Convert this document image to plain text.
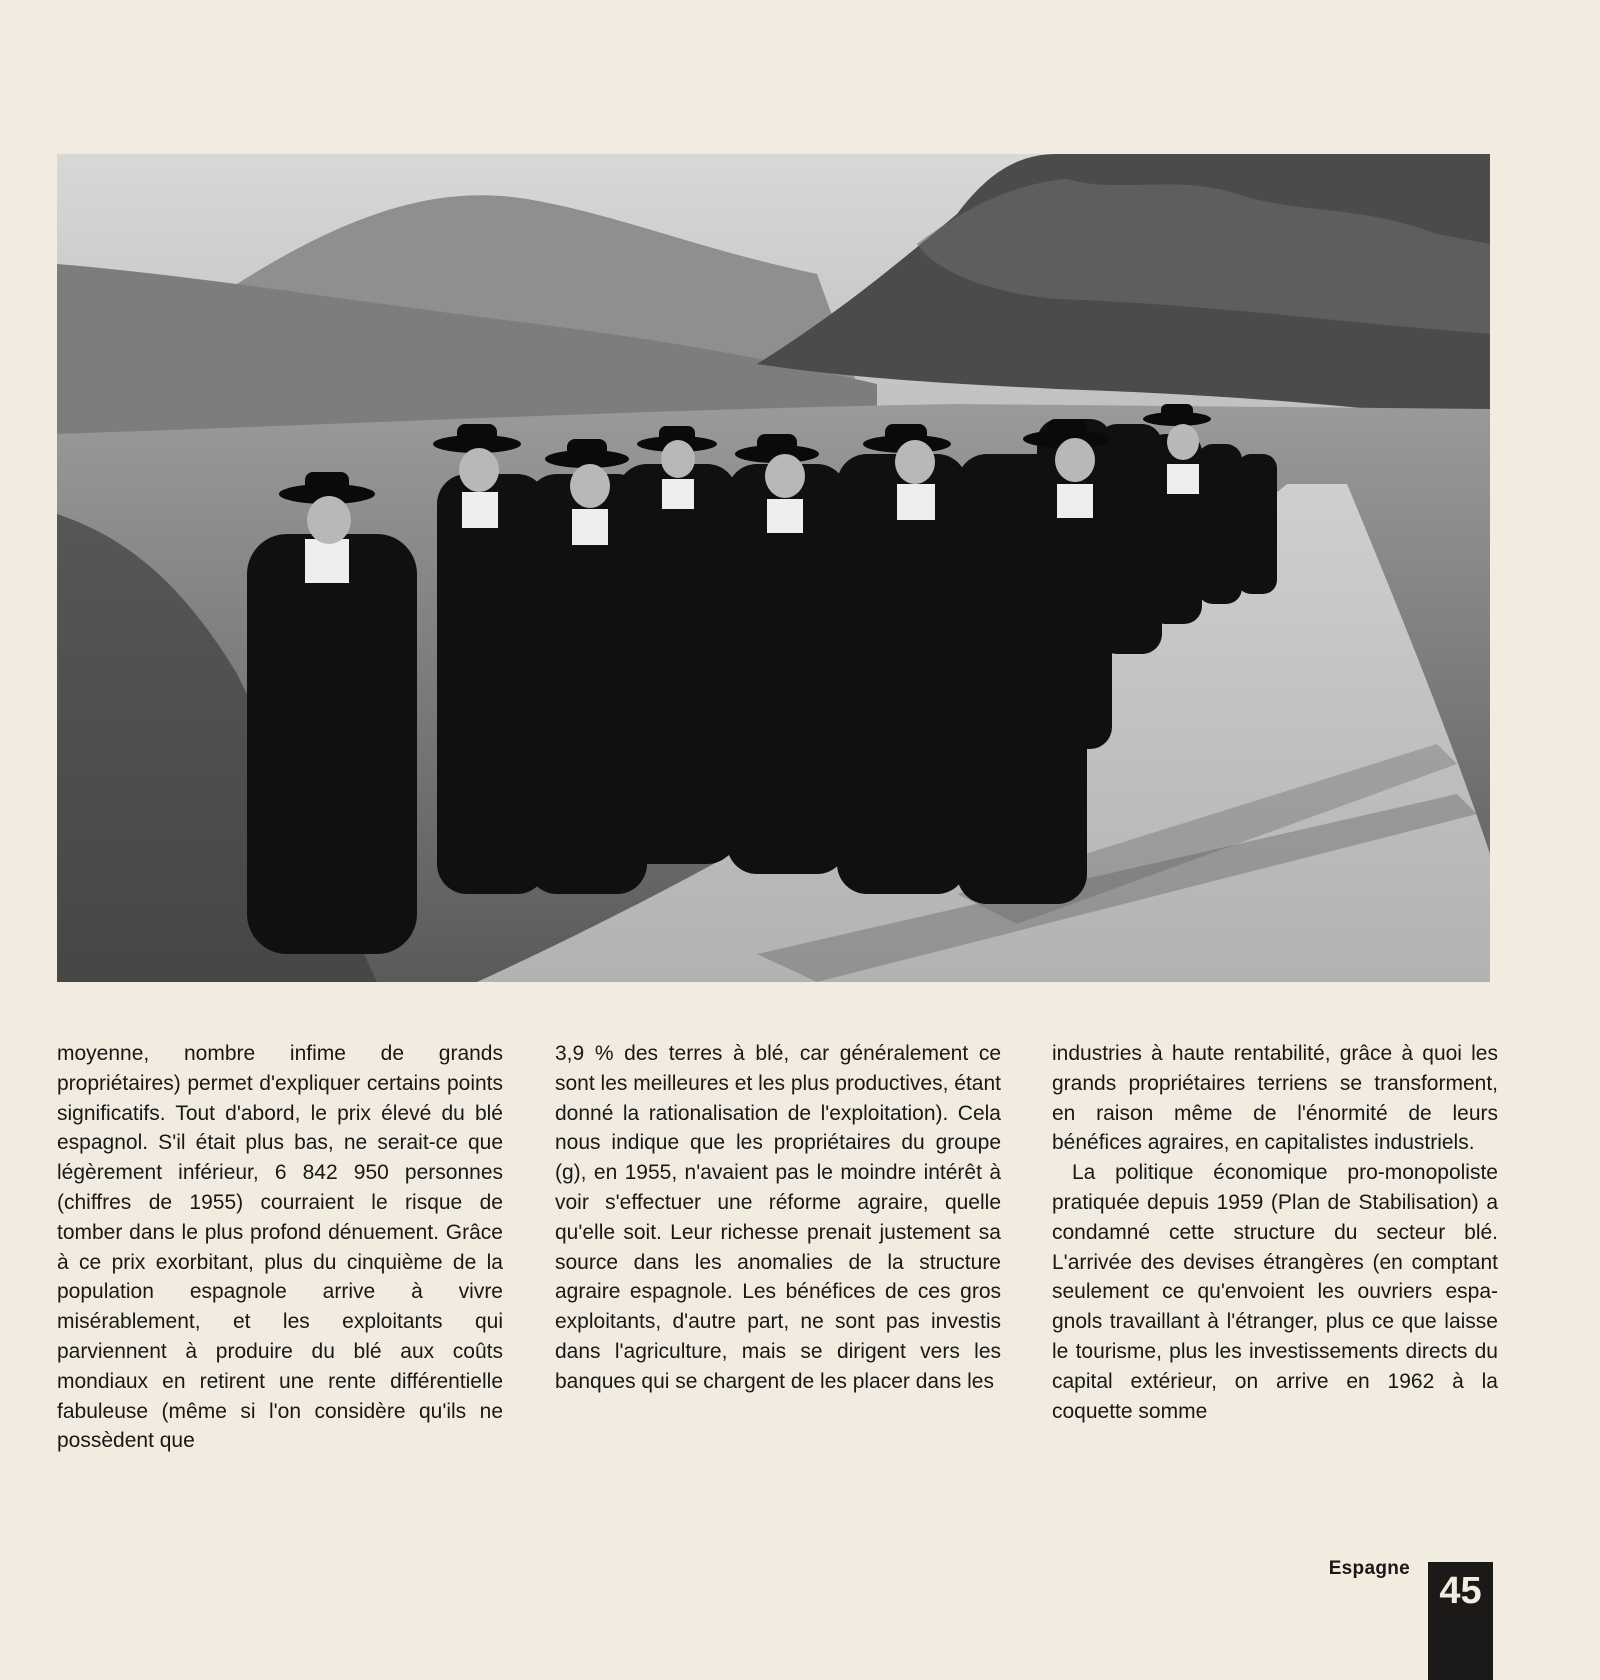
moyenne, nombre infime de grands propriétaires) permet d'expliquer certains points significatifs. Tout d'abord, le prix élevé du blé espagnol. S'il était plus bas, ne serait-ce que légèrement inférieur, 6 842 950 personnes (chiffres de 1955) courraient le risque de tomber dans le plus profond dénuement. Grâce à ce prix exorbitant, plus du cinquième de la population espagnole arrive à vivre misérablement, et les exploitants qui parviennent à produire du blé aux coûts mondiaux en retirent une rente différentielle fabuleuse (même si l'on considère qu'ils ne possèdent que

3,9 % des terres à blé, car généralement ce sont les meilleures et les plus productives, étant donné la rationalisation de l'exploitation). Cela nous indique que les propriétaires du groupe (g), en 1955, n'avaient pas le moindre intérêt à voir s'effectuer une réforme agraire, quelle qu'elle soit. Leur richesse prenait justement sa source dans les anomalies de la structure agraire espagnole. Les bénéfices de ces gros exploitants, d'autre part, ne sont pas investis dans l'agriculture, mais se dirigent vers les banques qui se chargent de les placer dans les

industries à haute rentabilité, grâce à quoi les grands propriétaires terriens se transforment, en raison même de l'énormité de leurs bénéfices agraires, en capitalistes industriels.

La politique économique pro-monopoliste pratiquée depuis 1959 (Plan de Stabilisation) a condamné cette structure du secteur blé. L'arrivée des devises étrangères (en comptant seulement ce qu'envoient les ouvriers espagnols travaillant à l'étranger, plus ce que laisse le tourisme, plus les investissements directs du capital extérieur, on arrive en 1962 à la coquette somme

Espagne
45
